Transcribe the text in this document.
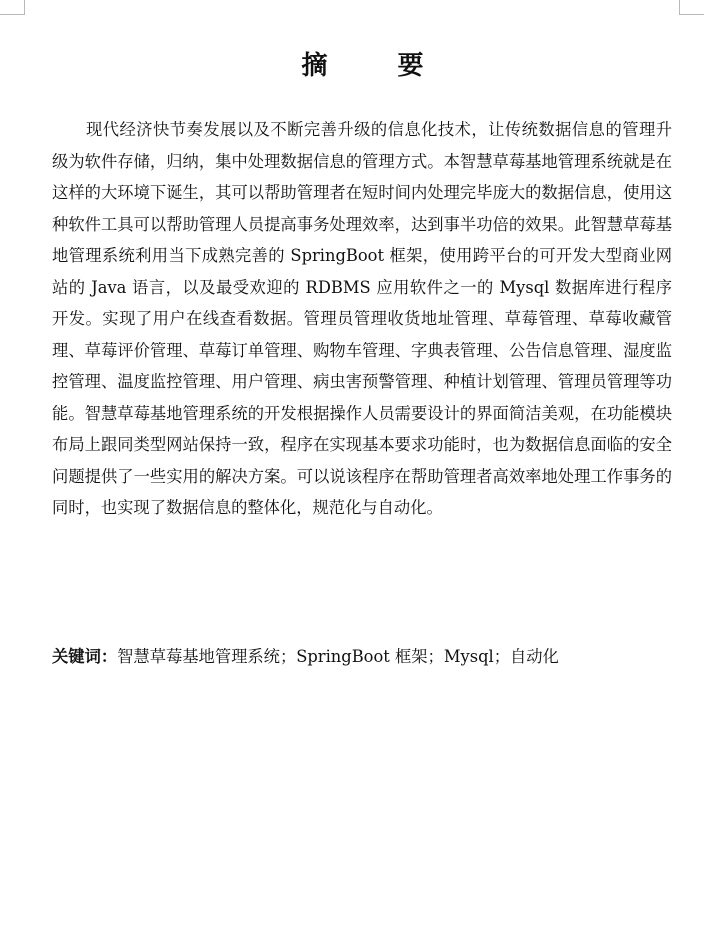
摘　要

现代经济快节奏发展以及不断完善升级的信息化技术，让传统数据信息的管理升级为软件存储，归纳，集中处理数据信息的管理方式。本智慧草莓基地管理系统就是在这样的大环境下诞生，其可以帮助管理者在短时间内处理完毕庞大的数据信息，使用这种软件工具可以帮助管理人员提高事务处理效率，达到事半功倍的效果。此智慧草莓基地管理系统利用当下成熟完善的 SpringBoot 框架，使用跨平台的可开发大型商业网站的 Java 语言，以及最受欢迎的 RDBMS 应用软件之一的 Mysql 数据库进行程序开发。实现了用户在线查看数据。管理员管理收货地址管理、草莓管理、草莓收藏管理、草莓评价管理、草莓订单管理、购物车管理、字典表管理、公告信息管理、湿度监控管理、温度监控管理、用户管理、病虫害预警管理、种植计划管理、管理员管理等功能。智慧草莓基地管理系统的开发根据操作人员需要设计的界面简洁美观，在功能模块布局上跟同类型网站保持一致，程序在实现基本要求功能时，也为数据信息面临的安全问题提供了一些实用的解决方案。可以说该程序在帮助管理者高效率地处理工作事务的同时，也实现了数据信息的整体化，规范化与自动化。

关键词：智慧草莓基地管理系统；SpringBoot 框架；Mysql；自动化
